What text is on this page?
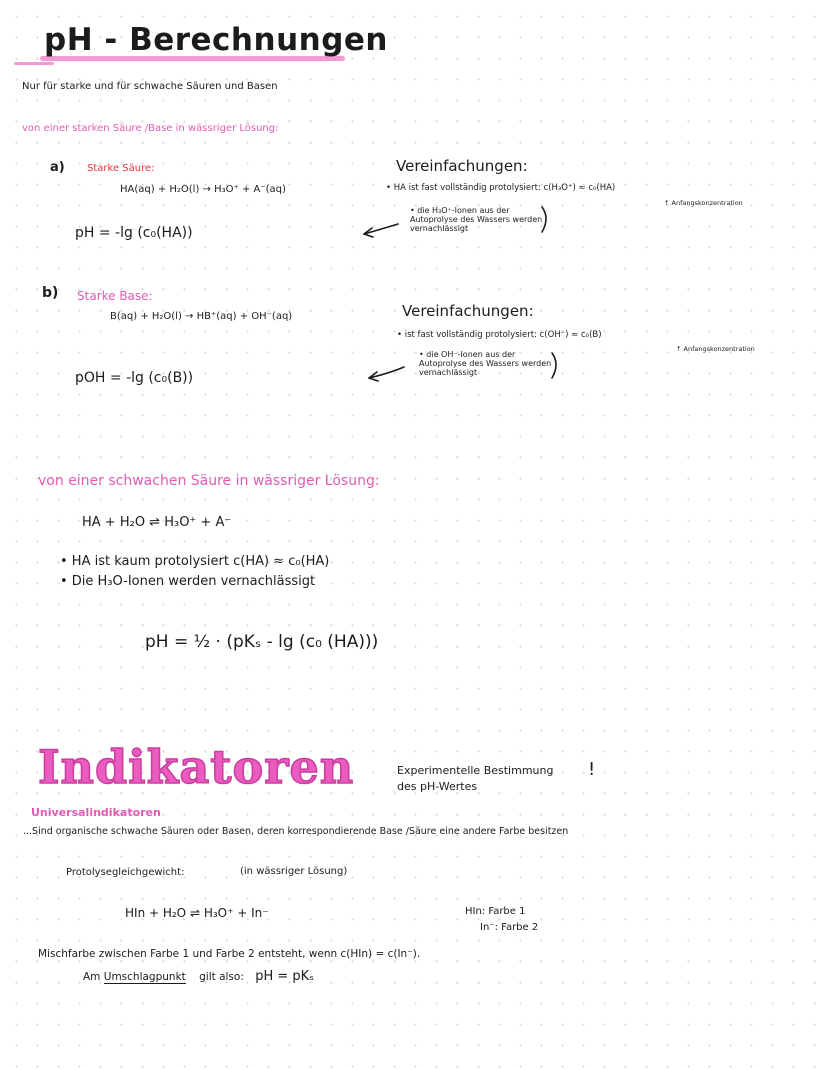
pH - Berechnungen
Nur für starke und für schwache Säuren und Basen
von einer starken Säure /Base in wässriger Lösung:
a) Starke Säure:
HA(aq) + H₂O(l) → H₃O⁺ + A⁻(aq)
pH = -lg (c₀(HA))
Vereinfachungen:
• HA ist fast vollständig protolysiert: c(H₃O⁺) ≈ c₀(HA)
↑ Anfangskonzentration
• die H₃O⁺-Ionen aus der Autoprolyse des Wassers werden vernachlässigt
b) Starke Base:
B(aq) + H₂O(l) → HB⁺(aq) + OH⁻(aq)
pOH = -lg (c₀(B))
Vereinfachungen:
• ist fast vollständig protolysiert: c(OH⁻) ≈ c₀(B)
↑ Anfangskonzentration
• die OH⁻-Ionen aus der Autoprolyse des Wassers werden vernachlässigt
von einer schwachen Säure in wässriger Lösung:
HA + H₂O ⇌ H₃O⁺ + A⁻
• HA ist kaum protolysiert c(HA) ≈ c₀(HA)
• Die H₃O-Ionen werden vernachlässigt
pH = ½ · (pKₛ - lg (c₀ (HA)))
Indikatoren	Experimentelle Bestimmung
des pH-Wertes
!
Universalindikatoren
...Sind organische schwache Säuren oder Basen, deren korrespondierende Base /Säure eine andere Farbe besitzen
Protolysegleichgewicht:	(in wässriger Lösung)
HIn + H₂O ⇌ H₃O⁺ + In⁻	HIn: Farbe 1
In⁻: Farbe 2
Mischfarbe zwischen Farbe 1 und Farbe 2 entsteht, wenn c(HIn) = c(In⁻).
Am Umschlagpunkt gilt also: pH = pKₛ
